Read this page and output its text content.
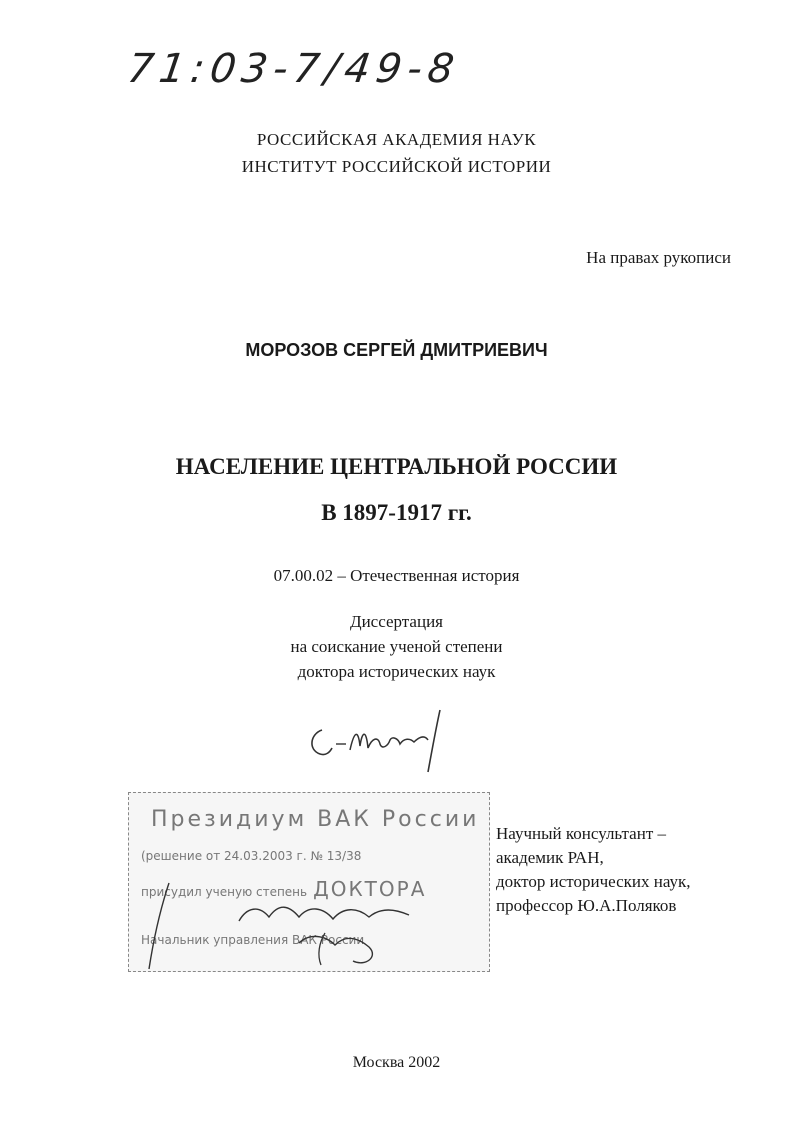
71:03-7/49-8
РОССИЙСКАЯ АКАДЕМИЯ НАУК
ИНСТИТУТ РОССИЙСКОЙ ИСТОРИИ
На правах рукописи
МОРОЗОВ СЕРГЕЙ ДМИТРИЕВИЧ
НАСЕЛЕНИЕ ЦЕНТРАЛЬНОЙ РОССИИ
В 1897-1917 гг.
07.00.02 – Отечественная история
Диссертация
на соискание ученой степени
доктора исторических наук
Президиум ВАК России
(решение от 24.03.2003 г. № 13/38
присудил ученую степень ДОКТОРА
Начальник управления ВАК России
Научный консультант –
академик РАН,
доктор исторических наук,
профессор Ю.А.Поляков
Москва 2002
